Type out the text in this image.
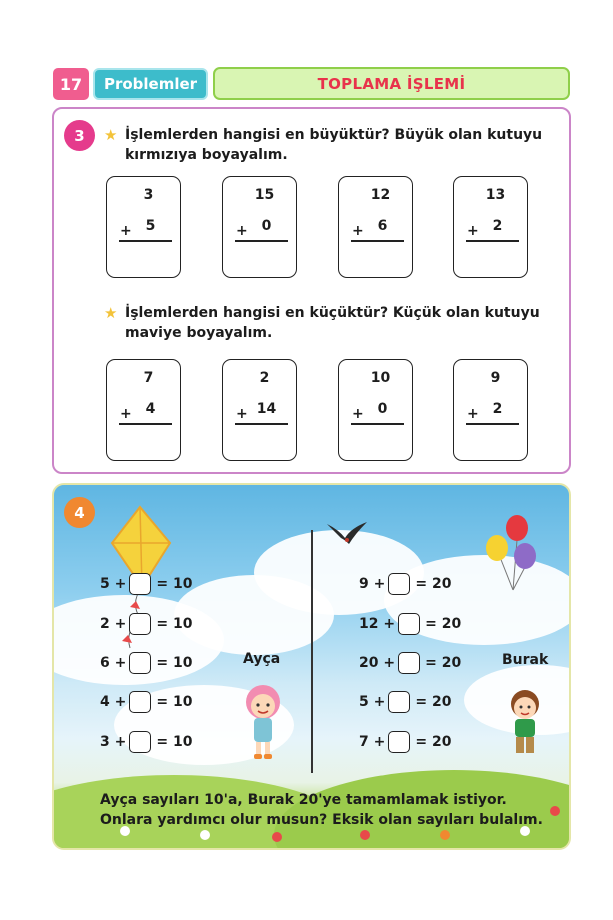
17	Problemler	TOPLAMA İŞLEMİ
3	★ İşlemlerden hangisi en büyüktür? Büyük olan kutuyu kırmızıya boyayalım.
3
+ 5
15
+ 0
12
+ 6
13
+ 2
★ İşlemlerden hangisi en küçüktür? Küçük olan kutuyu maviye boyayalım.
7
+ 4
2
+ 14
10
+ 0
9
+ 2
4
5 + = 10
2 + = 10
6 + = 10
4 + = 10
3 + = 10
Ayça
9 + = 20
12 + = 20
20 + = 20
5 + = 20
7 + = 20
Burak
Ayça sayıları 10'a, Burak 20'ye tamamlamak istiyor. Onlara yardımcı olur musun? Eksik olan sayıları bulalım.
